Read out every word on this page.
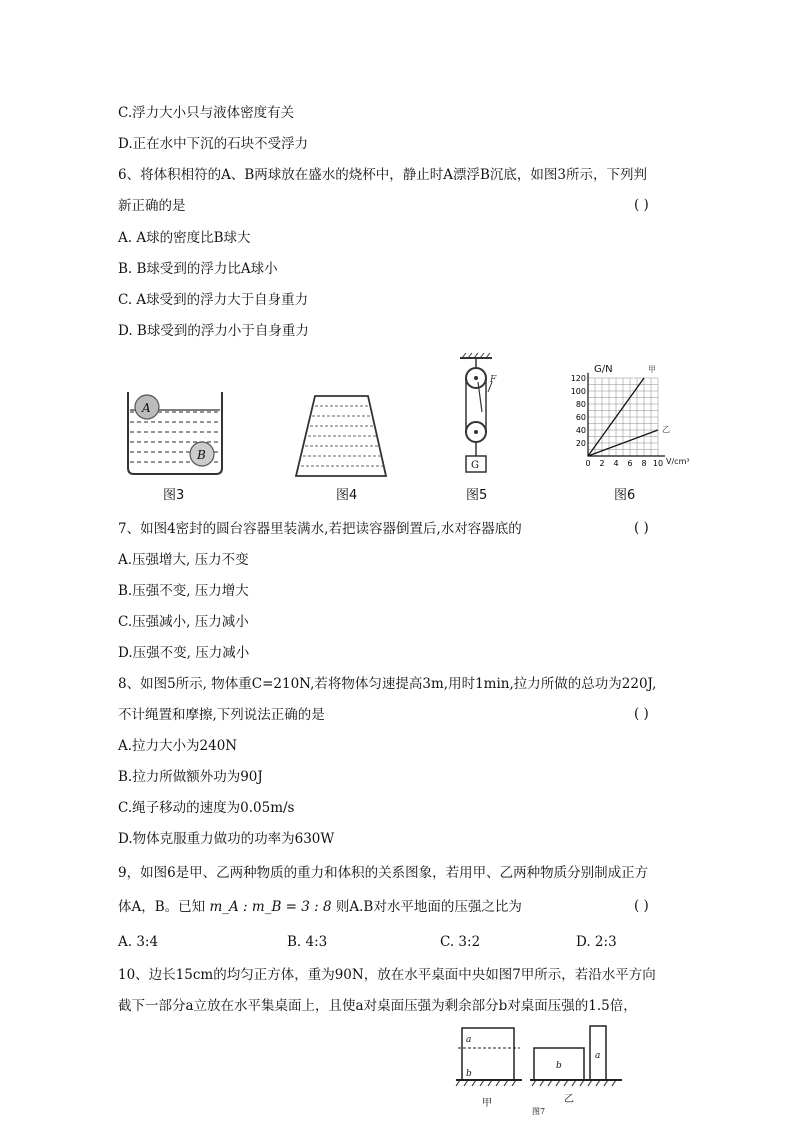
C.浮力大小只与液体密度有关
D.正在水中下沉的石块不受浮力
6、将体积相符的A、B两球放在盛水的烧杯中，静止时A漂浮B沉底，如图3所示，下列判
新正确的是	( )
A. A球的密度比B球大
B. B球受到的浮力比A球小
C. A球受到的浮力大于自身重力
D. B球受到的浮力小于自身重力
A
B
图3	图4
F
G
图5
120
100
80
60
40
20
0 2 4 6 8 10
G/N
V/cm³
甲
乙
图6
7、如图4密封的圆台容器里装满水,若把读容器倒置后,水对容器底的	( )
A.压强增大, 压力不变
B.压强不变, 压力增大
C.压强减小, 压力减小
D.压强不变, 压力减小
8、如图5所示, 物体重C=210N,若将物体匀速提高3m,用时1min,拉力所做的总功为220J,
不计绳置和摩擦,下列说法正确的是	( )
A.拉力大小为240N
B.拉力所做额外功为90J
C.绳子移动的速度为0.05m/s
D.物体克服重力做功的功率为630W
9，如图6是甲、乙两种物质的重力和体积的关系图象，若用甲、乙两种物质分别制成正方
体A，B。已知 m_A : m_B = 3 : 8 则A.B对水平地面的压强之比为	( )
A. 3:4	B. 4:3	C. 3:2	D. 2:3
10、边长15cm的均匀正方体，重为90N，放在水平桌面中央如图7甲所示，若沿水平方向
截下一部分a立放在水平集桌面上，且使a对桌面压强为剩余部分b对桌面压强的1.5倍，
a
b
甲
b
a
乙
图7
